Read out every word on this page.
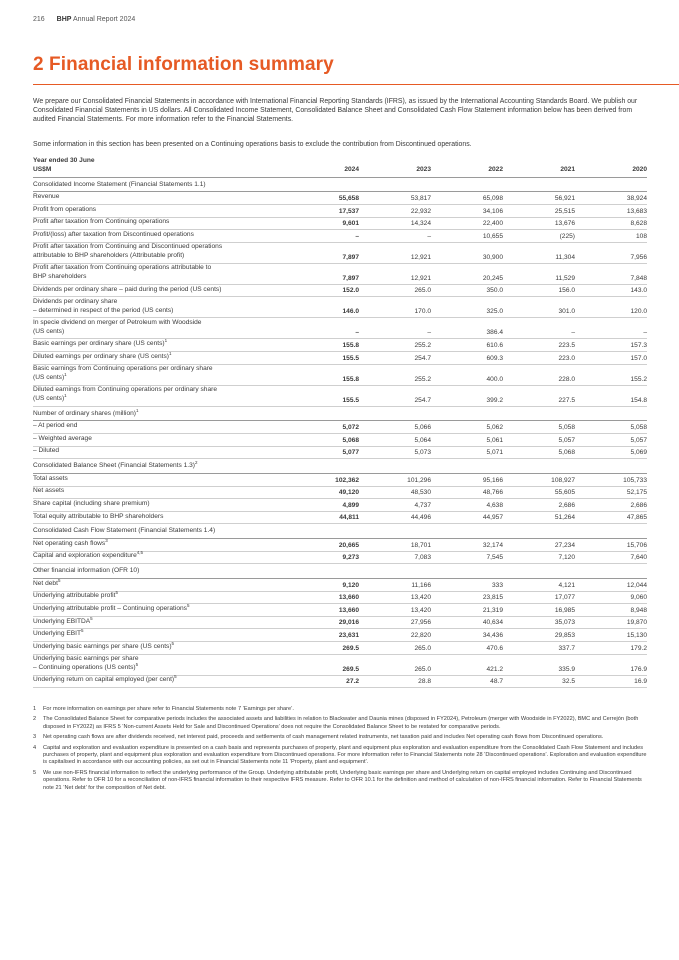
216 BHP Annual Report 2024
2 Financial information summary

We prepare our Consolidated Financial Statements in accordance with International Financial Reporting Standards (IFRS), as issued by the International Accounting Standards Board. We publish our Consolidated Financial Statements in US dollars. All Consolidated Income Statement, Consolidated Balance Sheet and Consolidated Cash Flow Statement information below has been derived from audited Financial Statements. For more information refer to the Financial Statements.

Some information in this section has been presented on a Continuing operations basis to exclude the contribution from Discontinued operations.

Year ended 30 June
US$M	2024	2023	2022	2021	2020
Consolidated Income Statement (Financial Statements 1.1)					
Revenue	55,658	53,817	65,098	56,921	38,924
Profit from operations	17,537	22,932	34,106	25,515	13,683
Profit after taxation from Continuing operations	9,601	14,324	22,400	13,676	8,628
Profit/(loss) after taxation from Discontinued operations	–	–	10,655	(225)	108
Profit after taxation from Continuing and Discontinued operations
attributable to BHP shareholders (Attributable profit)	7,897	12,921	30,900	11,304	7,956
Profit after taxation from Continuing operations attributable to
BHP shareholders	7,897	12,921	20,245	11,529	7,848
Dividends per ordinary share – paid during the period (US cents)	152.0	265.0	350.0	156.0	143.0
Dividends per ordinary share
– determined in respect of the period (US cents)	146.0	170.0	325.0	301.0	120.0
In specie dividend on merger of Petroleum with Woodside
(US cents)	–	–	386.4	–	–
Basic earnings per ordinary share (US cents)$^1$	155.8	255.2	610.6	223.5	157.3
Diluted earnings per ordinary share (US cents)$^1$	155.5	254.7	609.3	223.0	157.0
Basic earnings from Continuing operations per ordinary share
(US cents)$^1$	155.8	255.2	400.0	228.0	155.2
Diluted earnings from Continuing operations per ordinary share
(US cents)$^1$	155.5	254.7	399.2	227.5	154.8
Number of ordinary shares (million)$^1$
– At period end	5,072	5,066	5,062	5,058	5,058
– Weighted average	5,068	5,064	5,061	5,057	5,057
– Diluted	5,077	5,073	5,071	5,068	5,069
Consolidated Balance Sheet (Financial Statements 1.3)$^2$
Total assets	102,362	101,296	95,166	108,927	105,733
Net assets	49,120	48,530	48,766	55,605	52,175
Share capital (including share premium)	4,899	4,737	4,638	2,686	2,686
Total equity attributable to BHP shareholders	44,811	44,496	44,957	51,264	47,865
Consolidated Cash Flow Statement (Financial Statements 1.4)					
Net operating cash flows$^3$	20,665	18,701	32,174	27,234	15,706
Capital and exploration expenditure$^{4,5}$	9,273	7,083	7,545	7,120	7,640
Other financial information (OFR 10)					
Net debt$^5$	9,120	11,166	333	4,121	12,044
Underlying attributable profit$^5$	13,660	13,420	23,815	17,077	9,060
Underlying attributable profit – Continuing operations$^5$	13,660	13,420	21,319	16,985	8,948
Underlying EBITDA$^5$	29,016	27,956	40,634	35,073	19,870
Underlying EBIT$^5$	23,631	22,820	34,436	29,853	15,130
Underlying basic earnings per share (US cents)$^5$	269.5	265.0	470.6	337.7	179.2
Underlying basic earnings per share
– Continuing operations (US cents)$^5$	269.5	265.0	421.2	335.9	176.9
Underlying return on capital employed (per cent)$^5$	27.2	28.8	48.7	32.5	16.9
1 For more information on earnings per share refer to Financial Statements note 7 ‘Earnings per share’.
2 The Consolidated Balance Sheet for comparative periods includes the associated assets and liabilities in relation to Blackwater and Daunia mines (disposed in FY2024), Petroleum (merger with Woodside in FY2022), BMC and Cerrejón (both disposed in FY2022) as IFRS 5 ‘Non-current Assets Held for Sale and Discontinued Operations’ does not require the Consolidated Balance Sheet to be restated for comparative periods.
3 Net operating cash flows are after dividends received, net interest paid, proceeds and settlements of cash management related instruments, net taxation paid and includes Net operating cash flows from Discontinued operations.
4 Capital and exploration and evaluation expenditure is presented on a cash basis and represents purchases of property, plant and equipment plus exploration and evaluation expenditure from the Consolidated Cash Flow Statement and includes purchases of property, plant and equipment plus exploration and evaluation expenditure from Discontinued operations. For more information refer to Financial Statements note 28 ‘Discontinued operations’. Exploration and evaluation expenditure is capitalised in accordance with our accounting policies, as set out in Financial Statements note 11 ‘Property, plant and equipment’.
5 We use non-IFRS financial information to reflect the underlying performance of the Group. Underlying attributable profit, Underlying basic earnings per share and Underlying return on capital employed includes Continuing and Discontinued operations. Refer to OFR 10 for a reconciliation of non-IFRS financial information to their respective IFRS measure. Refer to OFR 10.1 for the definition and method of calculation of non-IFRS financial information. Refer to Financial Statements note 21 ‘Net debt’ for the composition of Net debt.
